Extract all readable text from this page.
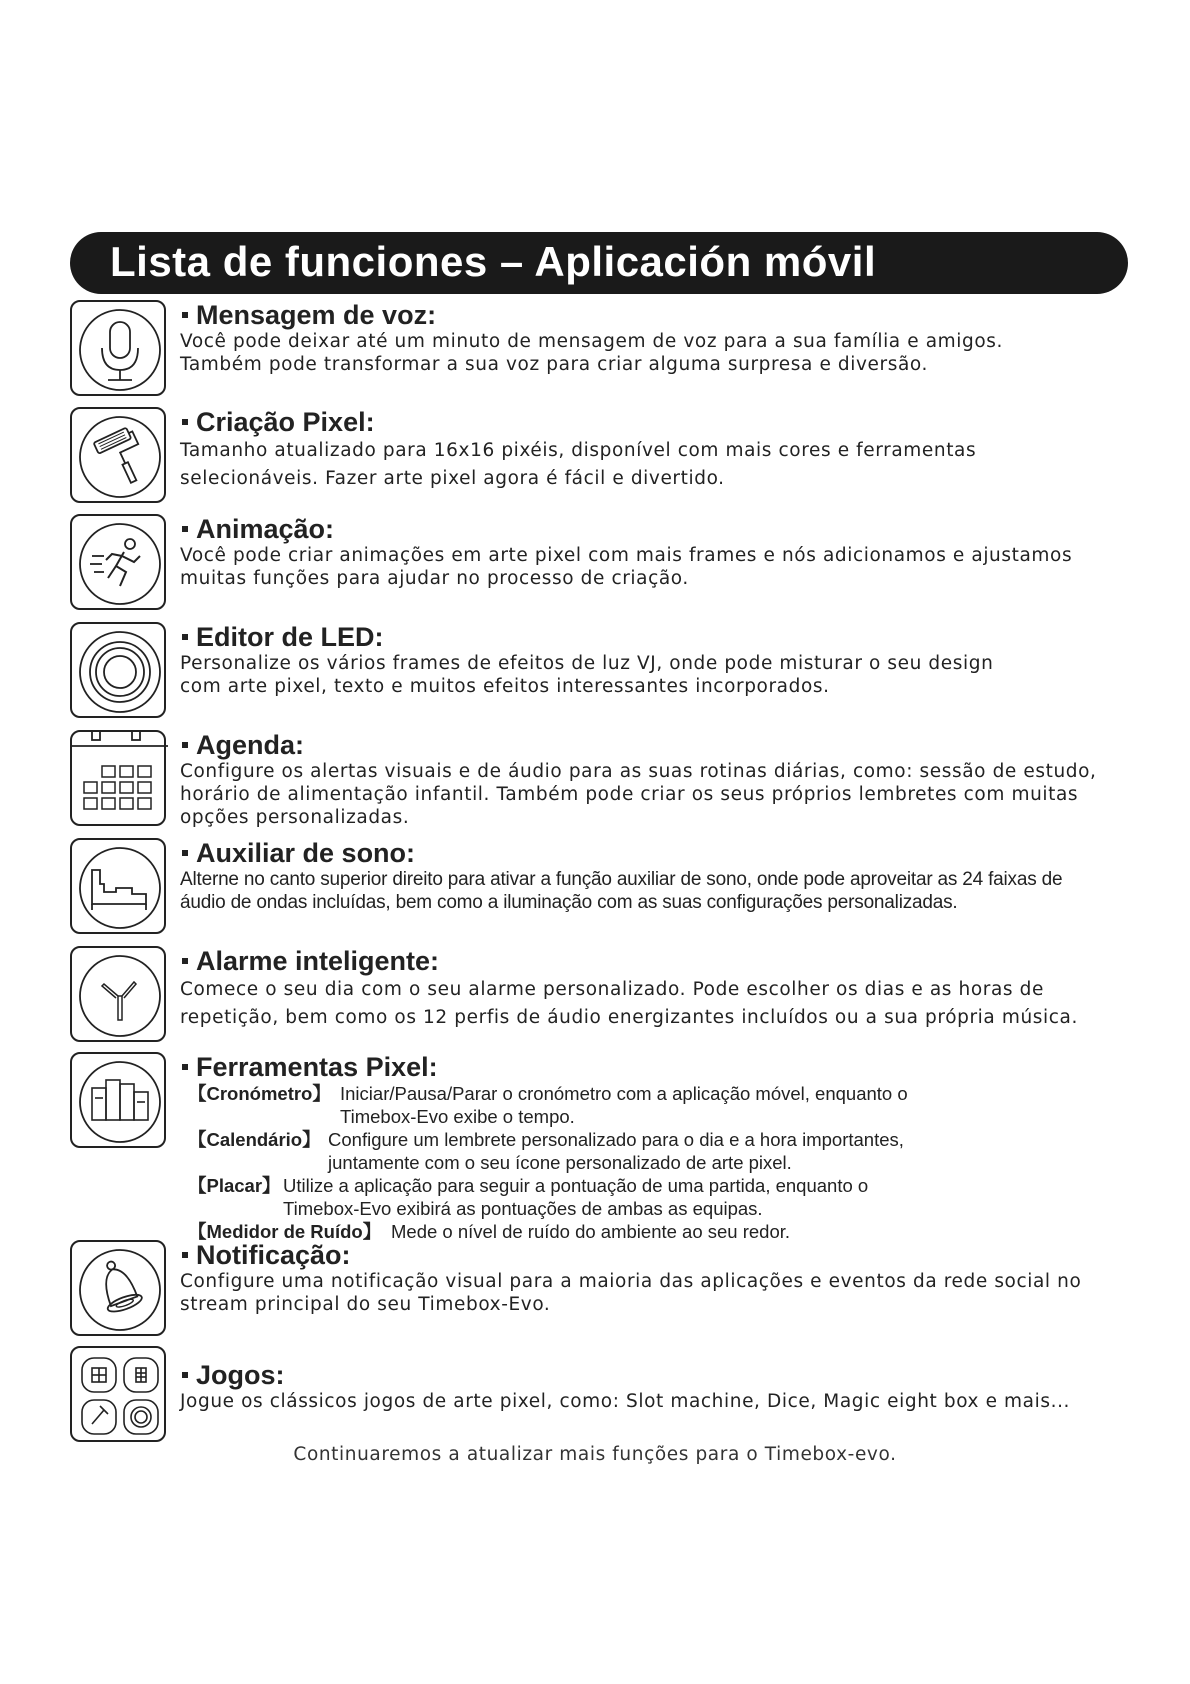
Lista de funciones – Aplicación móvil
Mensagem de voz:
Você pode deixar até um minuto de mensagem de voz para a sua família e amigos.
Também pode transformar a sua voz para criar alguma surpresa e diversão.
Criação Pixel:
Tamanho atualizado para 16x16 pixéis, disponível com mais cores e ferramentas
selecionáveis. Fazer arte pixel agora é fácil e divertido.
Animação:
Você pode criar animações em arte pixel com mais frames e nós adicionamos e ajustamos
muitas funções para ajudar no processo de criação.
Editor de LED:
Personalize os vários frames de efeitos de luz VJ, onde pode misturar o seu design
com arte pixel, texto e muitos efeitos interessantes incorporados.
Agenda:
Configure os alertas visuais e de áudio para as suas rotinas diárias, como: sessão de estudo,
horário de alimentação infantil. Também pode criar os seus próprios lembretes com muitas
opções personalizadas.
Auxiliar de sono:
Alterne no canto superior direito para ativar a função auxiliar de sono, onde pode aproveitar as 24 faixas de
áudio de ondas incluídas, bem como a iluminação com as suas configurações personalizadas.
Alarme inteligente:
Comece o seu dia com o seu alarme personalizado. Pode escolher os dias e as horas de
repetição, bem como os 12 perfis de áudio energizantes incluídos ou a sua própria música.
Ferramentas Pixel:
【Cronómetro】 Iniciar/Pausa/Parar o cronómetro com a aplicação móvel, enquanto o
Timebox-Evo exibe o tempo.
【Calendário】 Configure um lembrete personalizado para o dia e a hora importantes,
juntamente com o seu ícone personalizado de arte pixel.
【Placar】 Utilize a aplicação para seguir a pontuação de uma partida, enquanto o
Timebox-Evo exibirá as pontuações de ambas as equipas.
【Medidor de Ruído】 Mede o nível de ruído do ambiente ao seu redor.
Notificação:
Configure uma notificação visual para a maioria das aplicações e eventos da rede social no
stream principal do seu Timebox-Evo.
Jogos:
Jogue os clássicos jogos de arte pixel, como: Slot machine, Dice, Magic eight box e mais...
Continuaremos a atualizar mais funções para o Timebox-evo.
